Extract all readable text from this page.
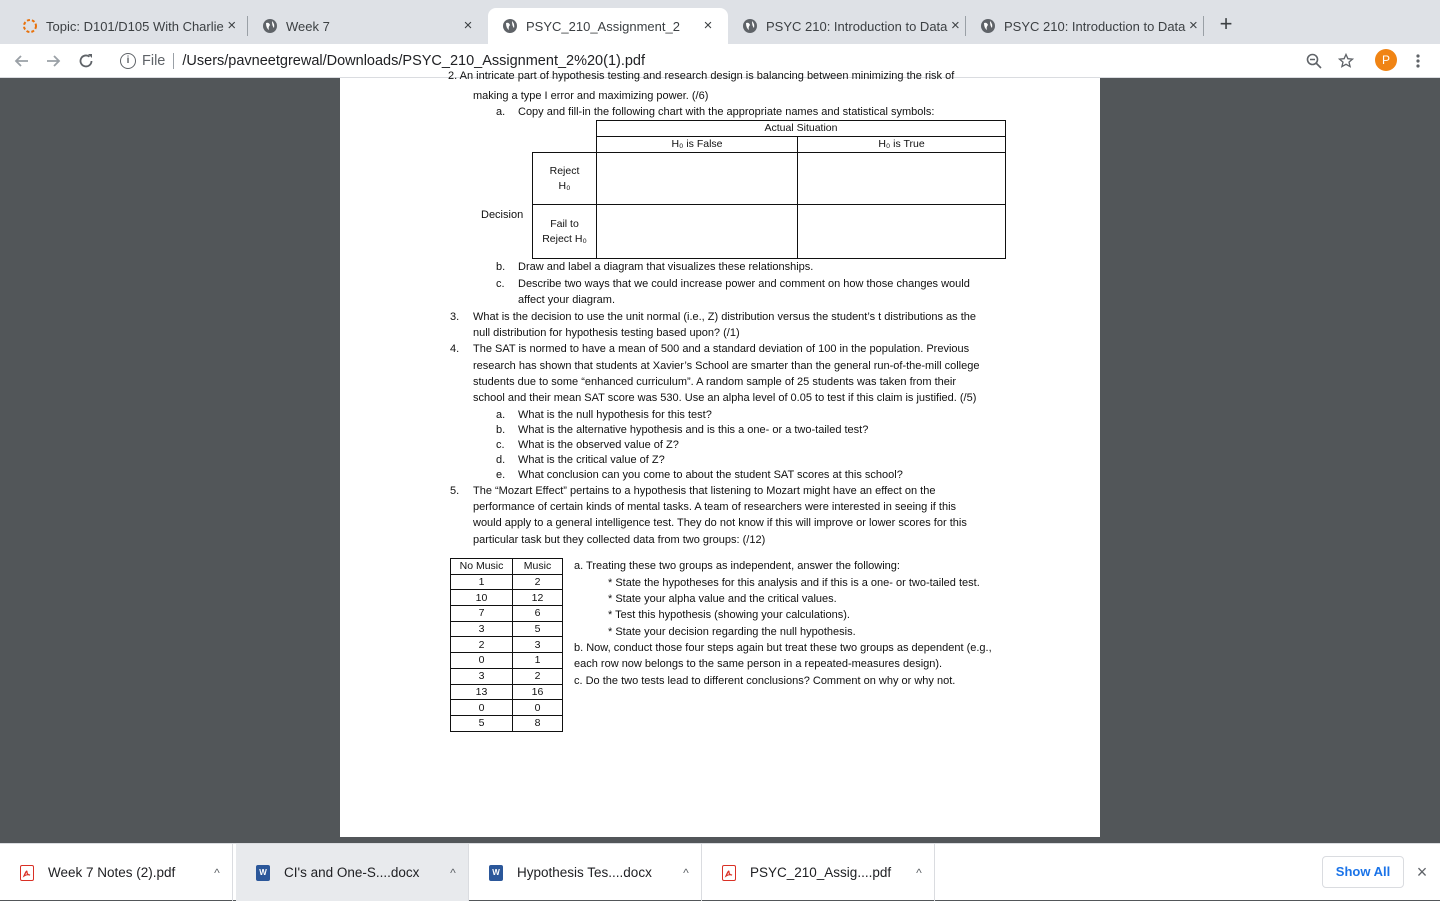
Topic: D101/D105 With Charlie ×	Week 7	×	PSYC_210_Assignment_2	×	PSYC 210: Introduction to Data ×	PSYC 210: Introduction to Data × +
i File /Users/pavneetgrewal/Downloads/PSYC_210_Assignment_2%20(1).pdf	P
2. An intricate part of hypothesis testing and research design is balancing between minimizing the risk of
making a type I error and maximizing power. (/6)
a. Copy and fill-in the following chart with the appropriate names and statistical symbols:
Actual Situation
H₀ is False	H₀ is True
Reject
H₀
Fail to
Reject H₀
Decision
b. Draw and label a diagram that visualizes these relationships.
c. Describe two ways that we could increase power and comment on how those changes would
affect your diagram.
3. What is the decision to use the unit normal (i.e., Z) distribution versus the student’s t distributions as the
null distribution for hypothesis testing based upon? (/1)
4. The SAT is normed to have a mean of 500 and a standard deviation of 100 in the population. Previous
research has shown that students at Xavier’s School are smarter than the general run-of-the-mill college
students due to some “enhanced curriculum”. A random sample of 25 students was taken from their
school and their mean SAT score was 530. Use an alpha level of 0.05 to test if this claim is justified. (/5)
a. What is the null hypothesis for this test?
b. What is the alternative hypothesis and is this a one- or a two-tailed test?
c. What is the observed value of Z?
d. What is the critical value of Z?
e. What conclusion can you come to about the student SAT scores at this school?
5. The “Mozart Effect” pertains to a hypothesis that listening to Mozart might have an effect on the
performance of certain kinds of mental tasks. A team of researchers were interested in seeing if this
would apply to a general intelligence test. They do not know if this will improve or lower scores for this
particular task but they collected data from two groups: (/12)
No Music	Music
1	2
10	12
7	6
3	5
2	3
0	1
3	2
13	16
0	0
5	8
a. Treating these two groups as independent, answer the following:
* State the hypotheses for this analysis and if this is a one- or two-tailed test.
* State your alpha value and the critical values.
* Test this hypothesis (showing your calculations).
* State your decision regarding the null hypothesis.
b. Now, conduct those four steps again but treat these two groups as dependent (e.g.,
each row now belongs to the same person in a repeated-measures design).
c. Do the two tests lead to different conclusions? Comment on why or why not.
Week 7 Notes (2).pdf	^	W CI's and One-S....docx	^	W Hypothesis Tes....docx	^	PSYC_210_Assig....pdf	^	Show All	×
